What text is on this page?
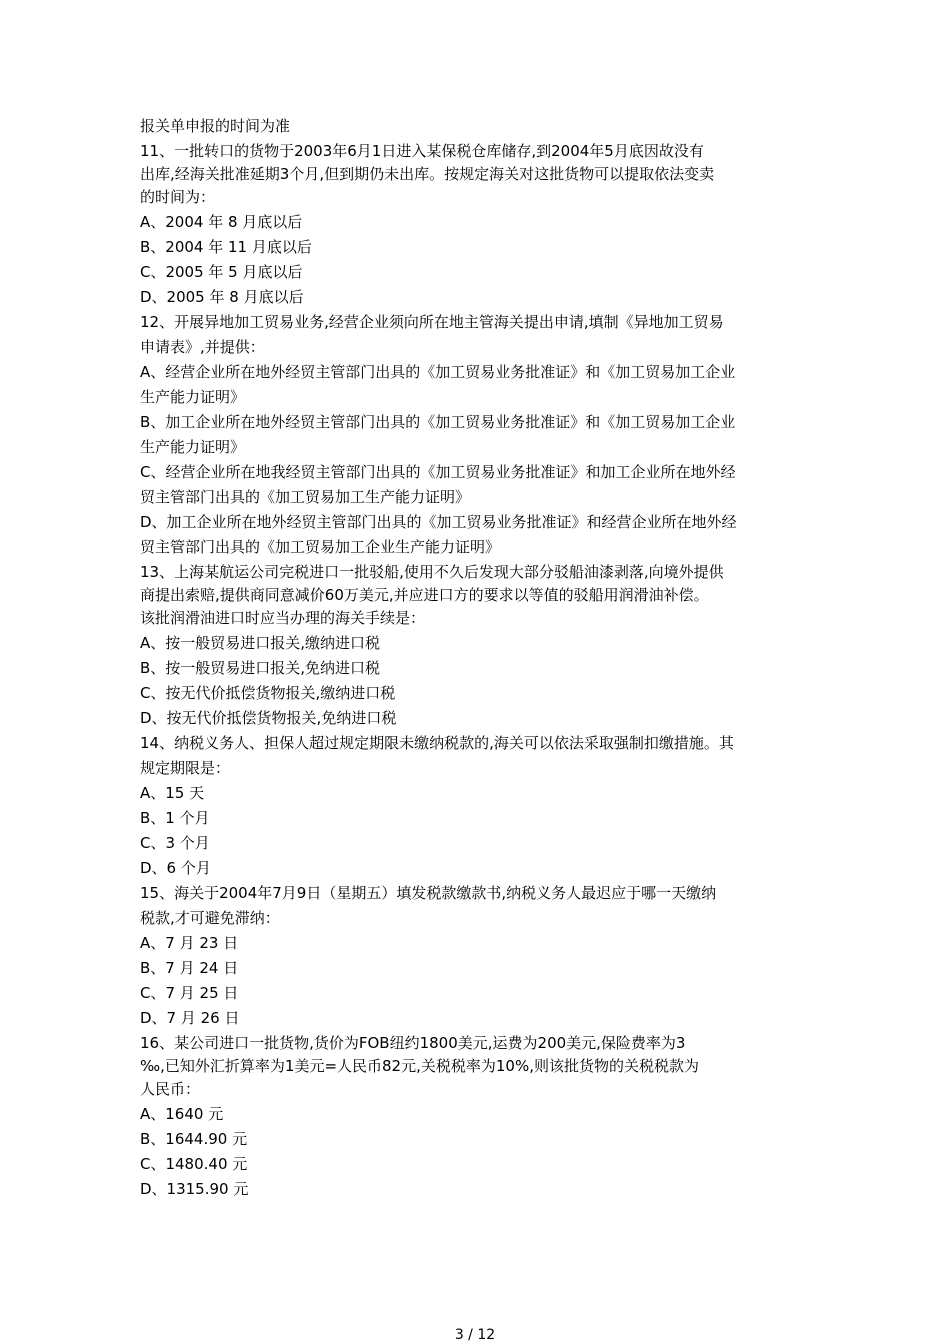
报关单申报的时间为准
11、一批转口的货物于2003年6月1日进入某保税仓库储存,到2004年5月底因故没有
出库,经海关批准延期3个月,但到期仍未出库。按规定海关对这批货物可以提取依法变卖
的时间为：
A、2004 年 8 月底以后
B、2004 年 11 月底以后
C、2005 年 5 月底以后
D、2005 年 8 月底以后
12、开展异地加工贸易业务,经营企业须向所在地主管海关提出申请,填制《异地加工贸易
申请表》,并提供：
A、经营企业所在地外经贸主管部门出具的《加工贸易业务批准证》和《加工贸易加工企业
生产能力证明》
B、加工企业所在地外经贸主管部门出具的《加工贸易业务批准证》和《加工贸易加工企业
生产能力证明》
C、经营企业所在地我经贸主管部门出具的《加工贸易业务批准证》和加工企业所在地外经
贸主管部门出具的《加工贸易加工生产能力证明》
D、加工企业所在地外经贸主管部门出具的《加工贸易业务批准证》和经营企业所在地外经
贸主管部门出具的《加工贸易加工企业生产能力证明》
13、上海某航运公司完税进口一批驳船,使用不久后发现大部分驳船油漆剥落,向境外提供
商提出索赔,提供商同意减价60万美元,并应进口方的要求以等值的驳船用润滑油补偿。
该批润滑油进口时应当办理的海关手续是：
A、按一般贸易进口报关,缴纳进口税
B、按一般贸易进口报关,免纳进口税
C、按无代价抵偿货物报关,缴纳进口税
D、按无代价抵偿货物报关,免纳进口税
14、纳税义务人、担保人超过规定期限未缴纳税款的,海关可以依法采取强制扣缴措施。其
规定期限是：
A、15 天
B、1 个月
C、3 个月
D、6 个月
15、海关于2004年7月9日（星期五）填发税款缴款书,纳税义务人最迟应于哪一天缴纳
税款,才可避免滞纳：
A、7 月 23 日
B、7 月 24 日
C、7 月 25 日
D、7 月 26 日
16、某公司进口一批货物,货价为FOB纽约1800美元,运费为200美元,保险费率为3
‰,已知外汇折算率为1美元=人民币82元,关税税率为10%,则该批货物的关税税款为
人民币：
A、1640 元
B、1644.90 元
C、1480.40 元
D、1315.90 元
3 / 12
